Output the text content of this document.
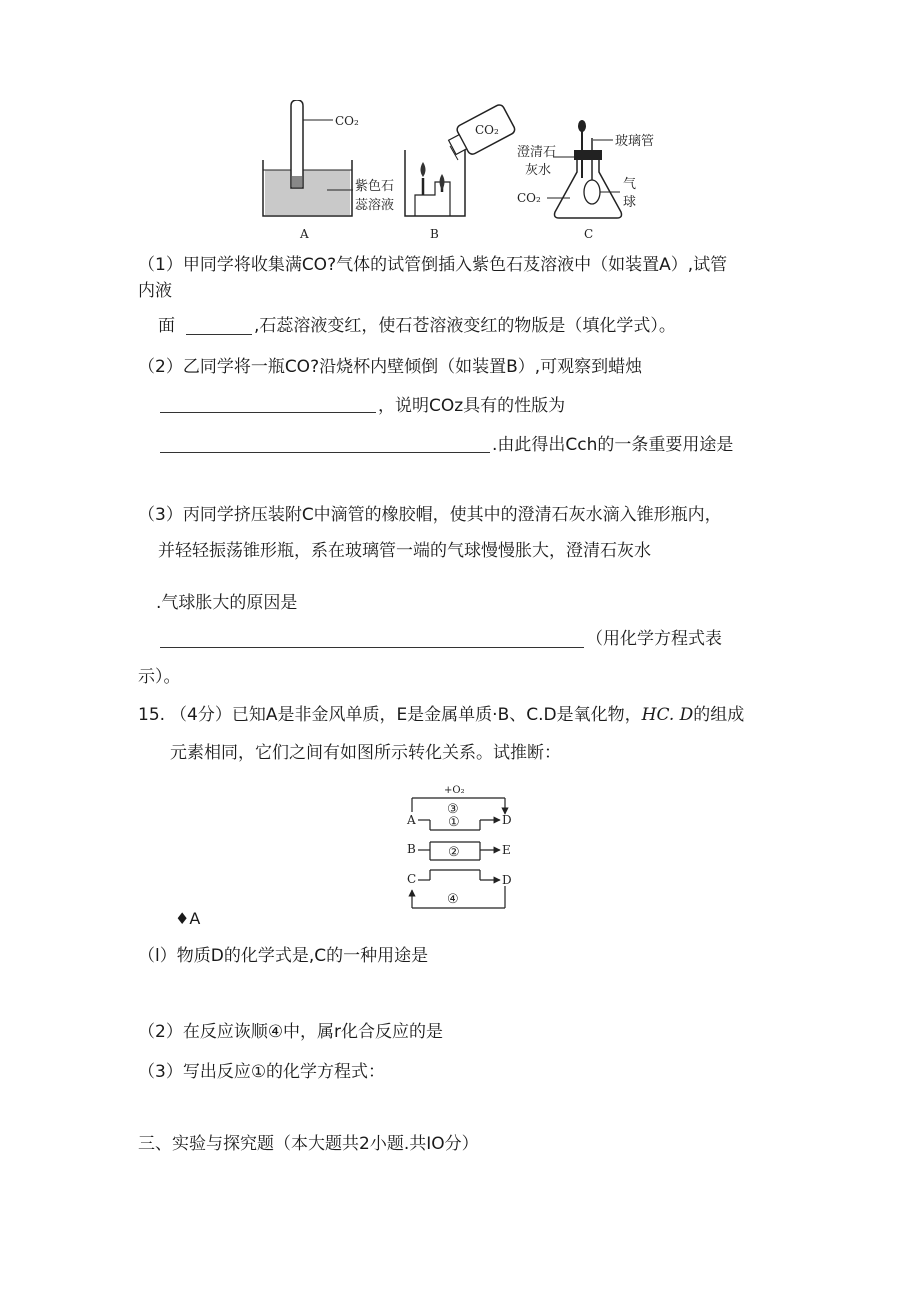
CO₂
紫色石
蕊溶液
A
CO₂
B
玻璃管
澄清石
灰水
CO₂
气
球
C
（1）甲同学将收集满CO?气体的试管倒插入紫色石芨溶液中（如装置A）,试管
内液
面	,石蕊溶液变红，使石苍溶液变红的物版是（填化学式）。
（2）乙同学将一瓶CO?沿烧杯内壁倾倒（如装置B）,可观察到蜡烛
，说明COz具有的性版为
.由此得出Cch的一条重要用途是
（3）丙同学挤压装附C中滴管的橡胶帽，使其中的澄清石灰水滴入锥形瓶内，
并轻轻振荡锥形瓶，系在玻璃管一端的气球慢慢胀大，澄清石灰水
.气球胀大的原因是
（用化学方程式表
示）。
15. （4分）已知A是非金风单质，E是金属单质·B、C.D是氧化物，HC. D的组成
元素相同，它们之间有如图所示转化关系。试推断：
+O₂
③
A
B
C
①	D
②	E
D
④
♦A
（l）物质D的化学式是,C的一种用途是
（2）在反应诙顺④中，属r化合反应的是
（3）写出反应①的化学方程式：
三、实验与探究题（本大题共2小题.共IO分）
